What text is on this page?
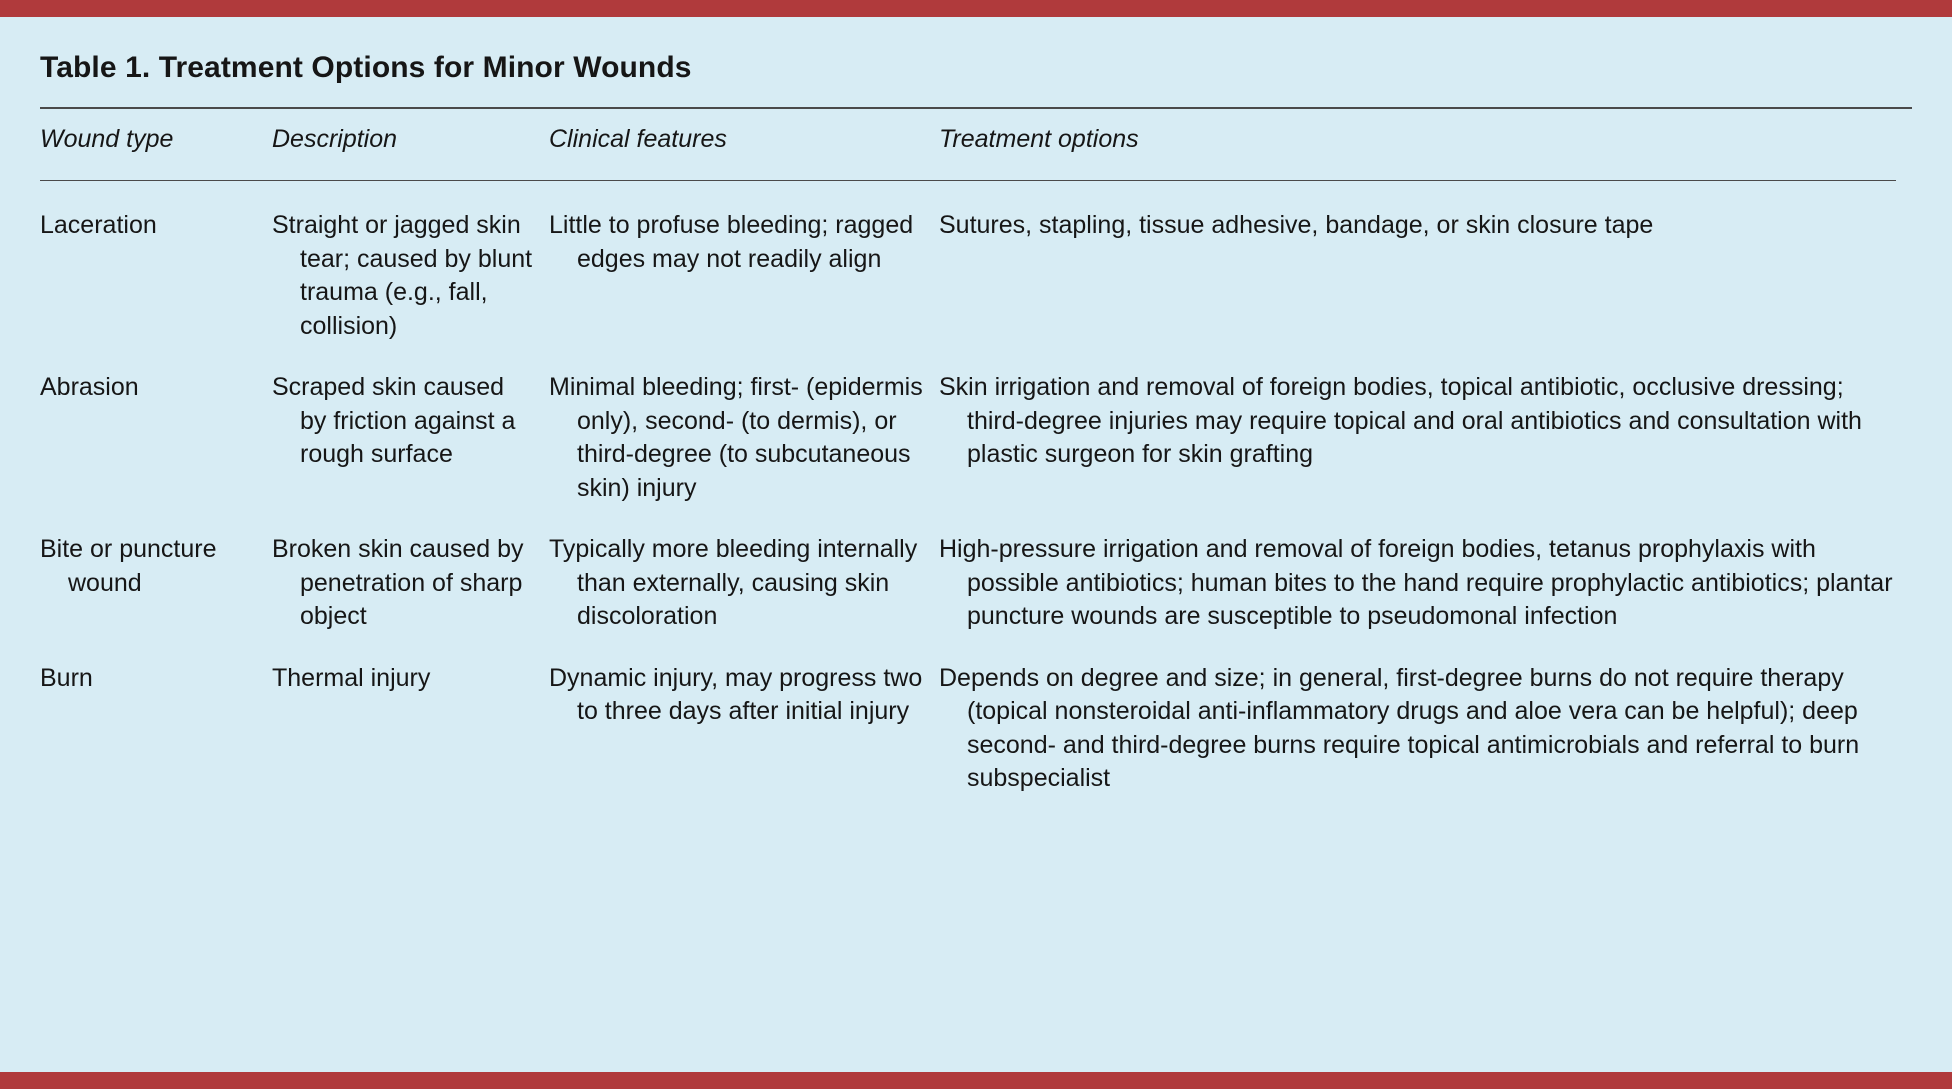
Table 1. Treatment Options for Minor Wounds
Wound type	Description	Clinical features	Treatment options

Laceration	Straight or jagged skin tear; caused by blunt trauma (e.g., fall, collision)	Little to profuse bleeding; ragged edges may not readily align	Sutures, stapling, tissue adhesive, bandage, or skin closure tape

Abrasion	Scraped skin caused by friction against a rough surface	Minimal bleeding; first- (epidermis only), second- (to dermis), or third-degree (to subcutaneous skin) injury	Skin irrigation and removal of foreign bodies, topical antibiotic, occlusive dressing; third-degree injuries may require topical and oral antibiotics and consultation with plastic surgeon for skin grafting

Bite or puncture wound	Broken skin caused by penetration of sharp object	Typically more bleeding internally than externally, causing skin discoloration	High-pressure irrigation and removal of foreign bodies, tetanus prophylaxis with possible antibiotics; human bites to the hand require prophylactic antibiotics; plantar puncture wounds are susceptible to pseudomonal infection

Burn	Thermal injury	Dynamic injury, may progress two to three days after initial injury	Depends on degree and size; in general, first-degree burns do not require therapy (topical nonsteroidal anti-inflammatory drugs and aloe vera can be helpful); deep second- and third-degree burns require topical antimicrobials and referral to burn subspecialist
